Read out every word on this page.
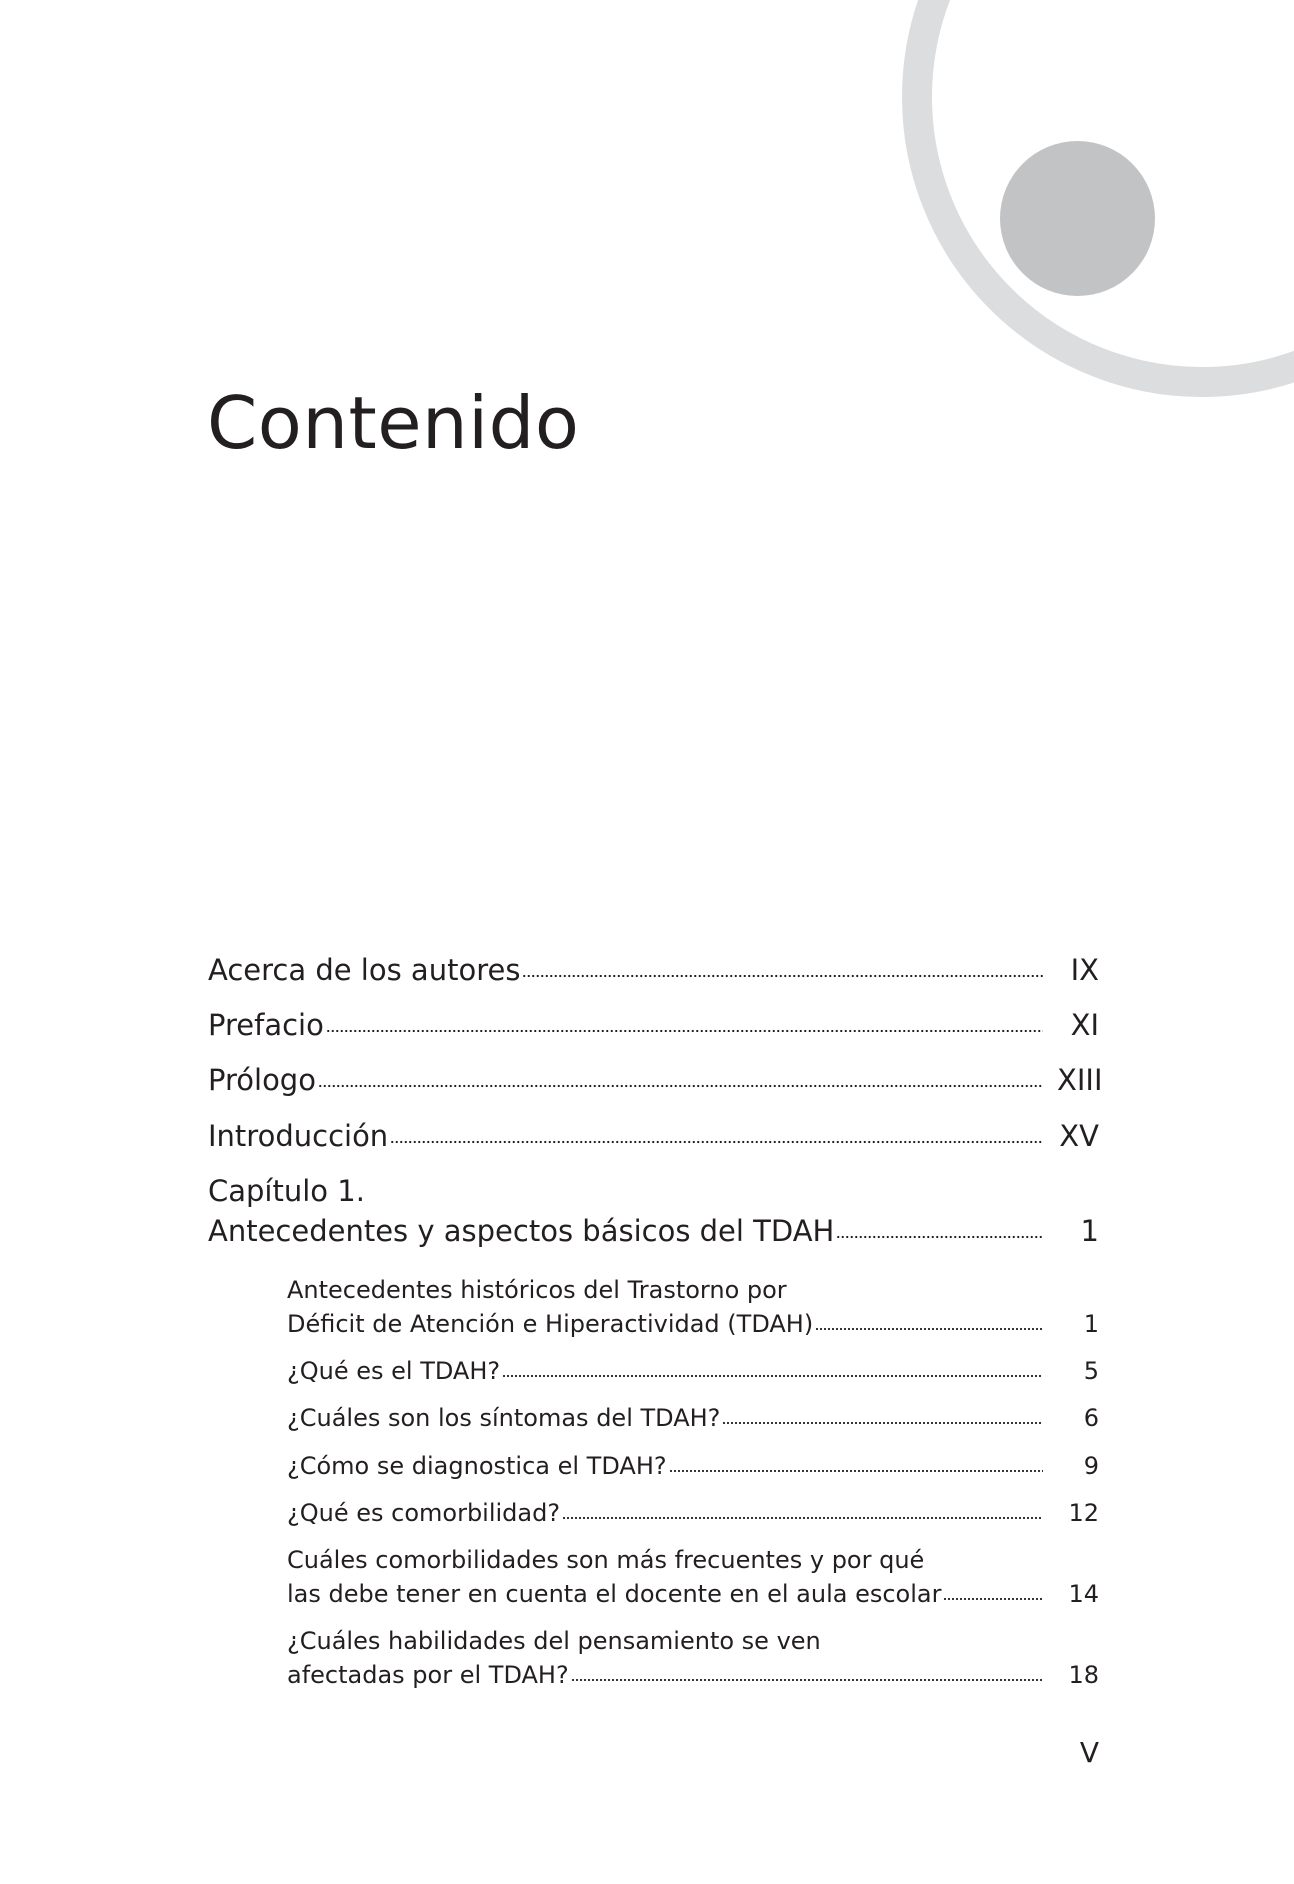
Contenido
Acerca de los autores	IX
Prefacio	XI
Prólogo	XIII
Introducción	XV
Capítulo 1.
Antecedentes y aspectos básicos del TDAH	1
Antecedentes históricos del Trastorno por
Déficit de Atención e Hiperactividad (TDAH)	1
¿Qué es el TDAH?	5
¿Cuáles son los síntomas del TDAH?	6
¿Cómo se diagnostica el TDAH?	9
¿Qué es comorbilidad?	12
Cuáles comorbilidades son más frecuentes y por qué
las debe tener en cuenta el docente en el aula escolar	14
¿Cuáles habilidades del pensamiento se ven
afectadas por el TDAH?	18
V
